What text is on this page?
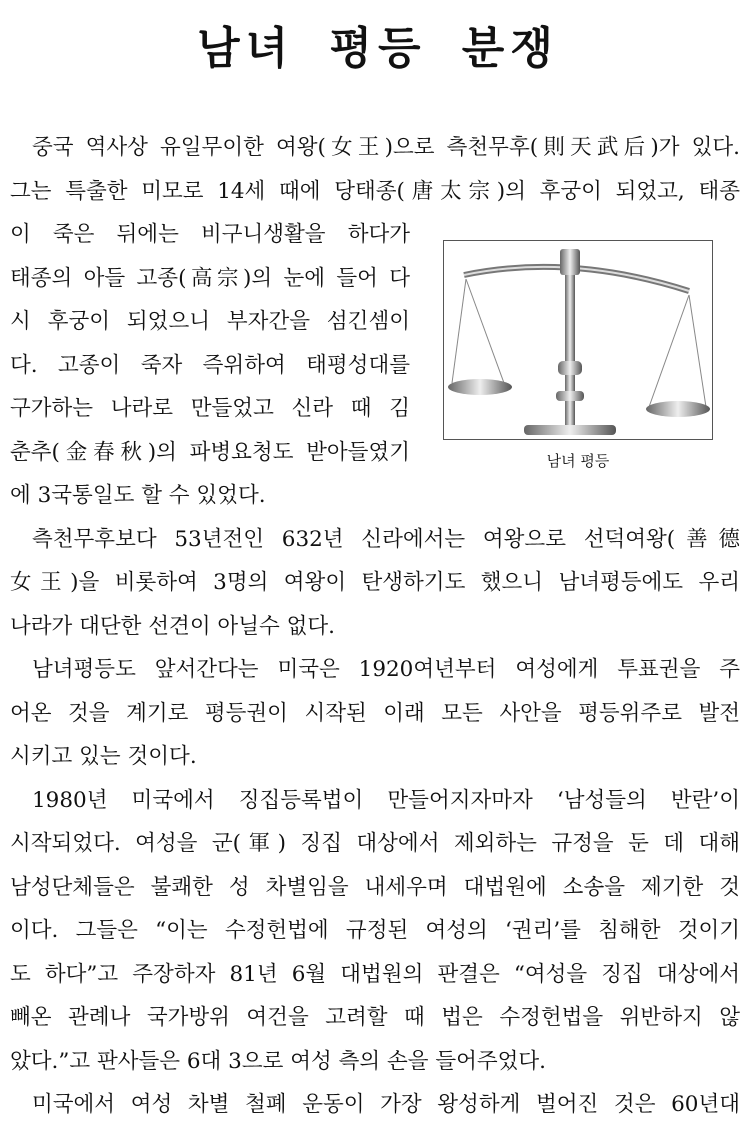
남녀 평등 분쟁
중국 역사상 유일무이한 여왕(女王)으로 측천무후(則天武后)가 있다.
그는 특출한 미모로 14세 때에 당태종(唐太宗)의 후궁이 되었고, 태종
이 죽은 뒤에는 비구니생활을 하다가
태종의 아들 고종(高宗)의 눈에 들어 다
시 후궁이 되었으니 부자간을 섬긴셈이
다. 고종이 죽자 즉위하여 태평성대를
구가하는 나라로 만들었고 신라 때 김
춘추(金春秋)의 파병요청도 받아들였기
에 3국통일도 할 수 있었다.
측천무후보다 53년전인 632년 신라에서는 여왕으로 선덕여왕(善德
女王)을 비롯하여 3명의 여왕이 탄생하기도 했으니 남녀평등에도 우리
나라가 대단한 선견이 아닐수 없다.
남녀평등도 앞서간다는 미국은 1920여년부터 여성에게 투표권을 주
어온 것을 계기로 평등권이 시작된 이래 모든 사안을 평등위주로 발전
시키고 있는 것이다.
1980년 미국에서 징집등록법이 만들어지자마자 ‘남성들의 반란’이
시작되었다. 여성을 군(軍) 징집 대상에서 제외하는 규정을 둔 데 대해
남성단체들은 불쾌한 성 차별임을 내세우며 대법원에 소송을 제기한 것
이다. 그들은 “이는 수정헌법에 규정된 여성의 ‘권리’를 침해한 것이기
도 하다”고 주장하자 81년 6월 대법원의 판결은 “여성을 징집 대상에서
빼온 관례나 국가방위 여건을 고려할 때 법은 수정헌법을 위반하지 않
았다.”고 판사들은 6대 3으로 여성 측의 손을 들어주었다.
미국에서 여성 차별 철폐 운동이 가장 왕성하게 벌어진 것은 60년대
남녀 평등
